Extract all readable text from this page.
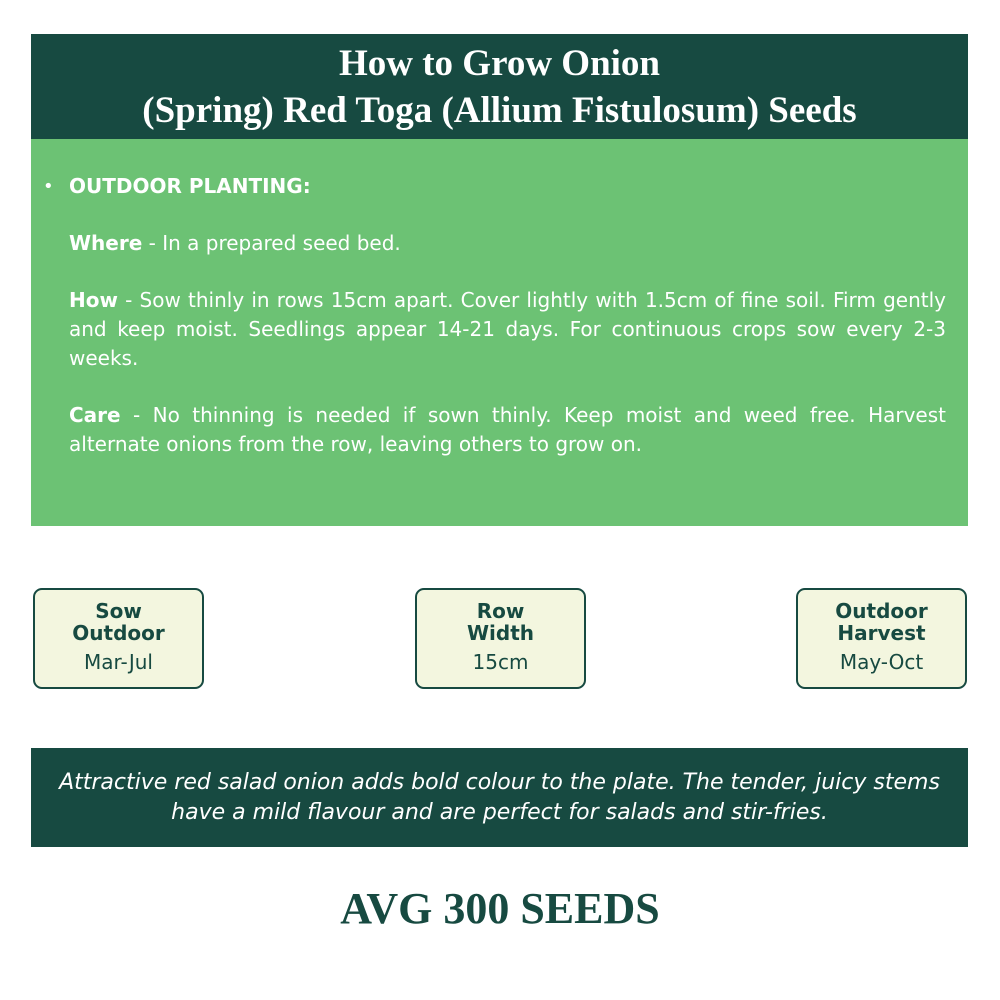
How to Grow Onion
(Spring) Red Toga (Allium Fistulosum) Seeds
• OUTDOOR PLANTING:
Where - In a prepared seed bed.
How - Sow thinly in rows 15cm apart. Cover lightly with 1.5cm of fine soil. Firm gently and keep moist. Seedlings appear 14-21 days. For continuous crops sow every 2-3 weeks.
Care - No thinning is needed if sown thinly. Keep moist and weed free. Harvest alternate onions from the row, leaving others to grow on.
Sow
Outdoor
Mar-Jul
Row
Width
15cm
Outdoor
Harvest
May-Oct
Attractive red salad onion adds bold colour to the plate. The tender, juicy stems have a mild flavour and are perfect for salads and stir-fries.
AVG 300 SEEDS
